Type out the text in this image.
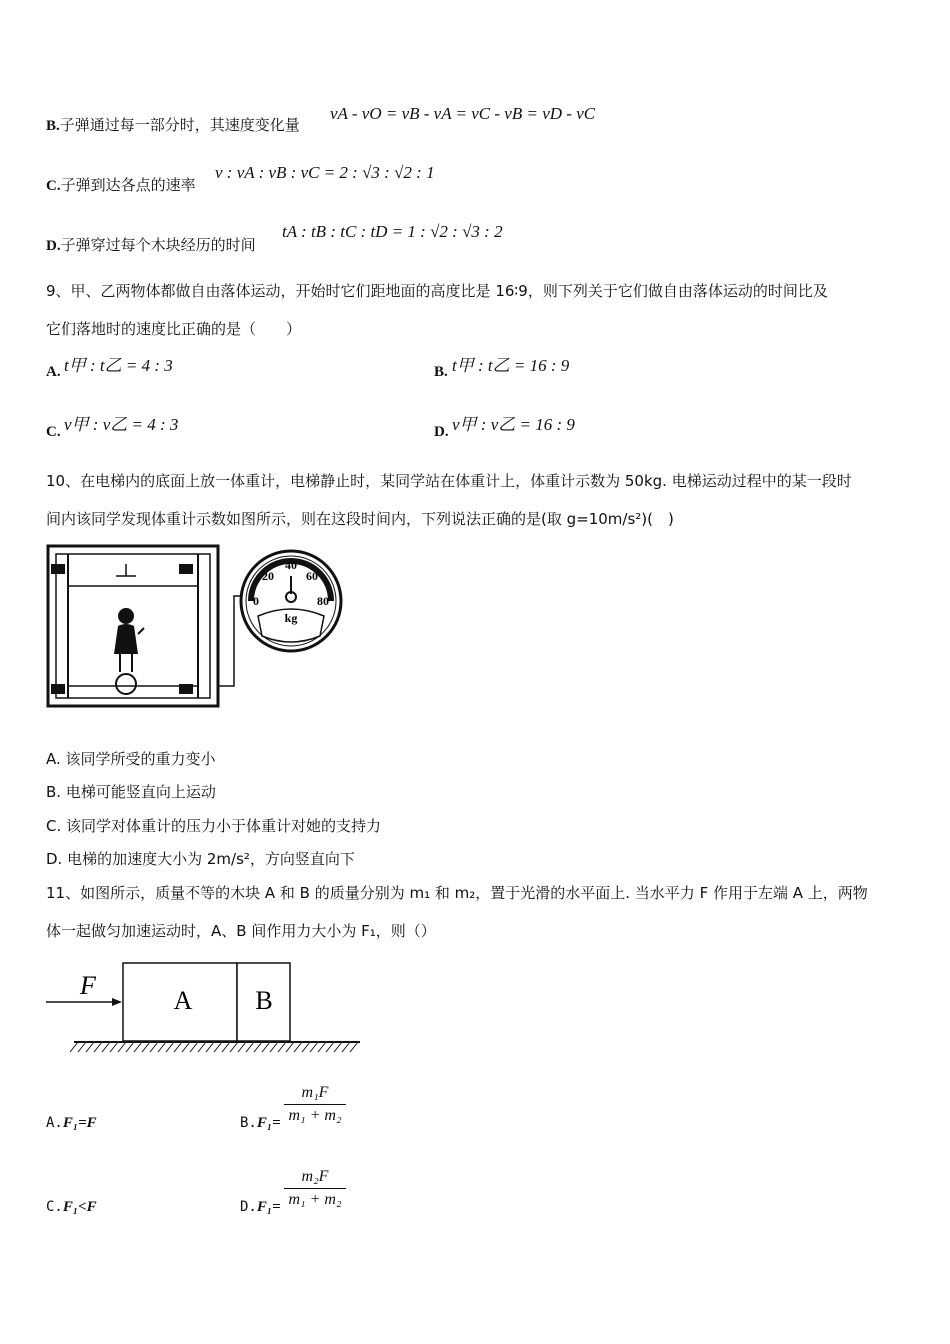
B.子弹通过每一部分时，其速度变化量
vA - vO = vB - vA = vC - vB = vD - vC
C.子弹到达各点的速率
v : vA : vB : vC = 2 : √3 : √2 : 1
D.子弹穿过每个木块经历的时间
tA : tB : tC : tD = 1 : √2 : √3 : 2
9、甲、乙两物体都做自由落体运动，开始时它们距地面的高度比是 16∶9，则下列关于它们做自由落体运动的时间比及
它们落地时的速度比正确的是（　　）
A. t甲 : t乙 = 4 : 3	B. t甲 : t乙 = 16 : 9
C. v甲 : v乙 = 4 : 3	D. v甲 : v乙 = 16 : 9
10、在电梯内的底面上放一体重计，电梯静止时，某同学站在体重计上，体重计示数为 50kg. 电梯运动过程中的某一段时
间内该同学发现体重计示数如图所示，则在这段时间内，下列说法正确的是(取 g=10m/s²)(　)
0
20
40
60
80
kg
A. 该同学所受的重力变小
B. 电梯可能竖直向上运动
C. 该同学对体重计的压力小于体重计对她的支持力
D. 电梯的加速度大小为 2m/s²，方向竖直向下
11、如图所示，质量不等的木块 A 和 B 的质量分别为 m₁ 和 m₂，置于光滑的水平面上. 当水平力 F 作用于左端 A 上，两物
体一起做匀加速运动时，A、B 间作用力大小为 F₁，则（）
F
A B
A.F₁=F	B.F₁=
m₁F
m₁ + m₂
C.F₁<F	D.F₁=
m₂F
m₁ + m₂
